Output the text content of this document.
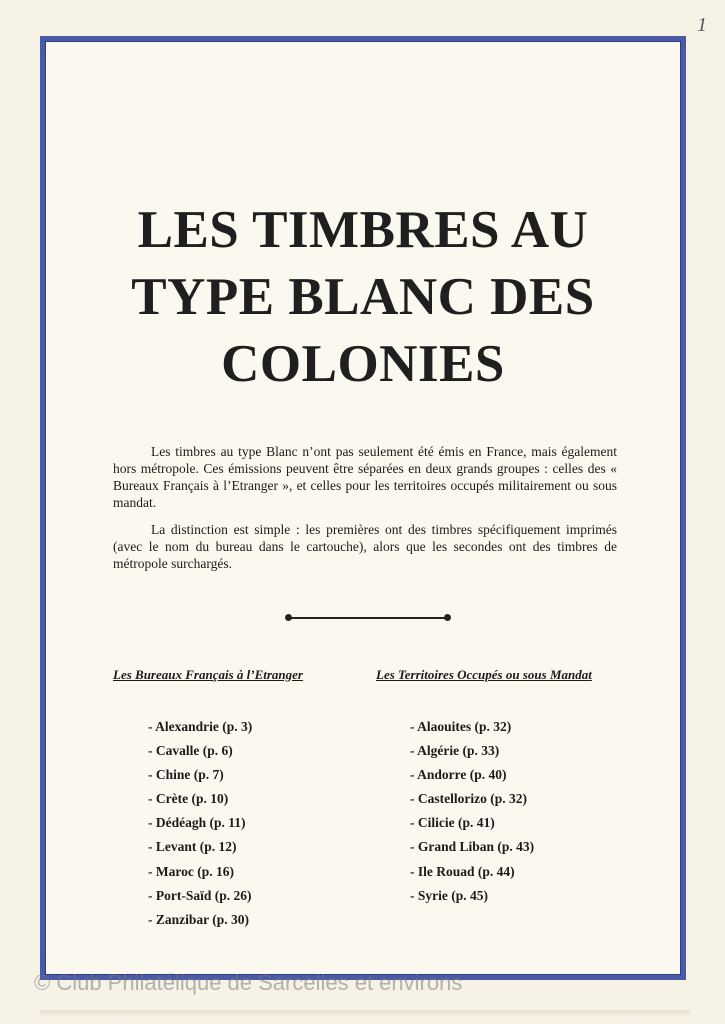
1
LES TIMBRES AU
TYPE BLANC DES
COLONIES

Les timbres au type Blanc n’ont pas seulement été émis en France, mais également hors métropole. Ces émissions peuvent être séparées en deux grands groupes : celles des « Bureaux Français à l’Etranger », et celles pour les territoires occupés militairement ou sous mandat.

La distinction est simple : les premières ont des timbres spécifiquement imprimés (avec le nom du bureau dans le cartouche), alors que les secondes ont des timbres de métropole surchargés.

Les Bureaux Français à l’Etranger	Les Territoires Occupés ou sous Mandat
- Alexandrie (p. 3)
- Cavalle (p. 6)
- Chine (p. 7)
- Crète (p. 10)
- Dédéagh (p. 11)
- Levant (p. 12)
- Maroc (p. 16)
- Port-Saïd (p. 26)
- Zanzibar (p. 30)
- Alaouites (p. 32)
- Algérie (p. 33)
- Andorre (p. 40)
- Castellorizo (p. 32)
- Cilicie (p. 41)
- Grand Liban (p. 43)
- Ile Rouad (p. 44)
- Syrie (p. 45)
© Club Philatélique de Sarcelles et environs
